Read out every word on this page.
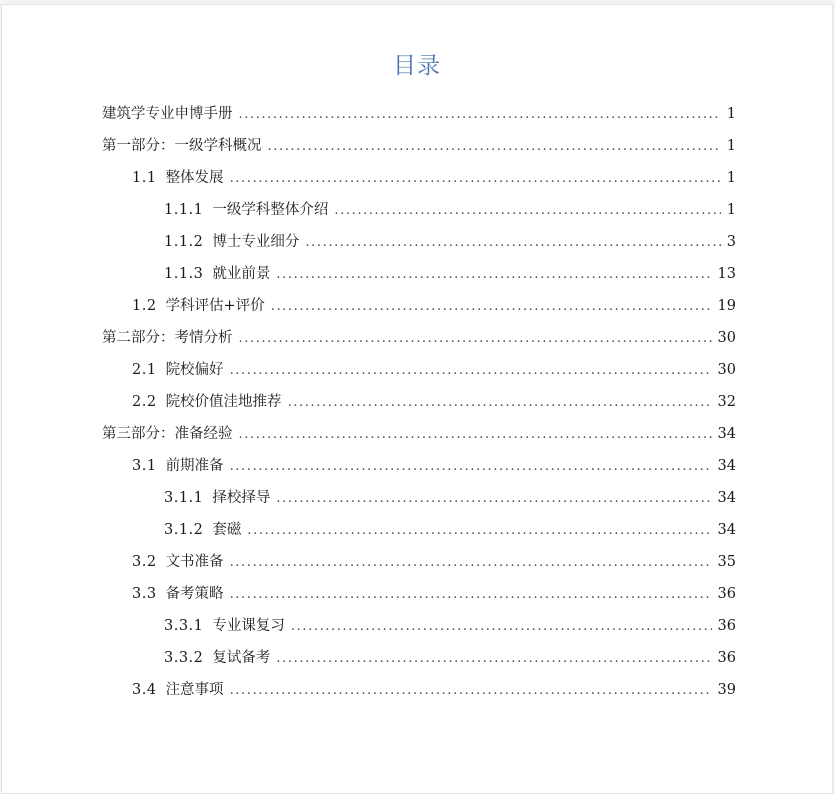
目录
建筑学专业申博手册 .....	1
第一部分：一级学科概况 .....	1
1.1 整体发展 .....	1
1.1.1 一级学科整体介绍 .....	1
1.1.2 博士专业细分 .....	3
1.1.3 就业前景 .....	13
1.2 学科评估+评价 .....	19
第二部分：考情分析 .....	30
2.1 院校偏好 .....	30
2.2 院校价值洼地推荐 .....	32
第三部分：准备经验 .....	34
3.1 前期准备 .....	34
3.1.1 择校择导 .....	34
3.1.2 套磁 .....	34
3.2 文书准备 .....	35
3.3 备考策略 .....	36
3.3.1 专业课复习 .....	36
3.3.2 复试备考 .....	36
3.4 注意事项 .....	39
